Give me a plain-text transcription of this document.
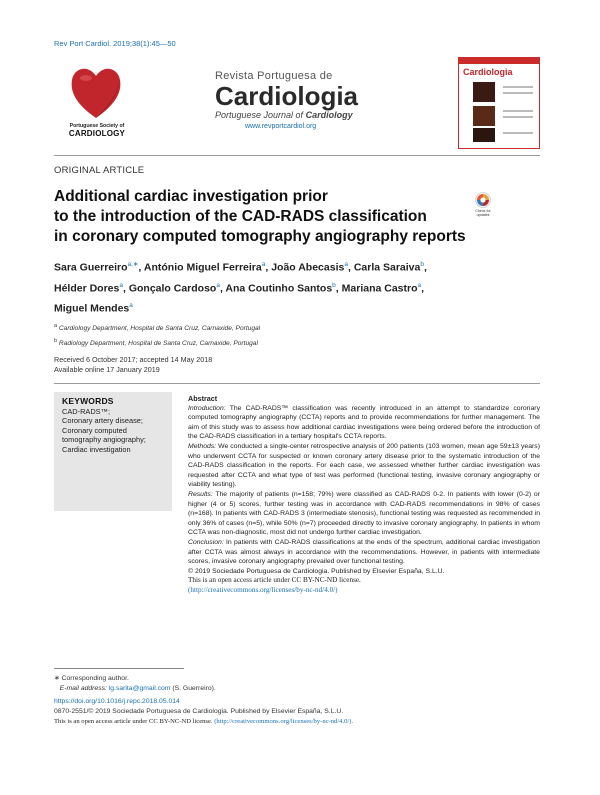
Rev Port Cardiol. 2019;38(1):45—50
Portuguese Society of
CARDIOLOGY
Revista Portuguesa de
Cardiologia
Portuguese Journal of Cardiology
www.revportcardiol.org
Cardiologia
ORIGINAL ARTICLE
Additional cardiac investigation prior
to the introduction of the CAD-RADS classification
in coronary computed tomography angiography reports
Check for
updates
Sara Guerreiro$^{a,∗}$, António Miguel Ferreira$^a$, João Abecasis$^a$, Carla Saraiva$^b$,
Hélder Dores$^a$, Gonçalo Cardoso$^a$, Ana Coutinho Santos$^b$, Mariana Castro$^a$,
Miguel Mendes$^a$
$^a$ Cardiology Department, Hospital de Santa Cruz, Carnaxide, Portugal
$^b$ Radiology Department, Hospital de Santa Cruz, Carnaxide, Portugal
Received 6 October 2017; accepted 14 May 2018
Available online 17 January 2019
KEYWORDS
CAD-RADS™;
Coronary artery disease;
Coronary computed tomography angiography;
Cardiac investigation
Abstract
Introduction: The CAD-RADS™ classification was recently introduced in an attempt to standardize coronary computed tomography angiography (CCTA) reports and to provide recommendations for further management. The aim of this study was to assess how additional cardiac investigations were being ordered before the introduction of the CAD-RADS classification in a tertiary hospital's CCTA reports.
Methods: We conducted a single-center retrospective analysis of 200 patients (103 women, mean age 59±13 years) who underwent CCTA for suspected or known coronary artery disease prior to the systematic introduction of the CAD-RADS classification in the reports. For each case, we assessed whether further cardiac investigation was requested after CCTA and what type of test was performed (functional testing, invasive coronary angiography or viability testing).
Results: The majority of patients (n=158; 79%) were classified as CAD-RADS 0-2. In patients with lower (0-2) or higher (4 or 5) scores, further testing was in accordance with CAD-RADS recommendations in 98% of cases (n=168). In patients with CAD-RADS 3 (intermediate stenosis), functional testing was requested as recommended in only 36% of cases (n=5), while 50% (n=7) proceeded directly to invasive coronary angiography. In patients in whom CCTA was non-diagnostic, most did not undergo further cardiac investigation.
Conclusion: In patients with CAD-RADS classifications at the ends of the spectrum, additional cardiac investigation after CCTA was almost always in accordance with the recommendations. However, in patients with intermediate scores, invasive coronary angiography prevailed over functional testing.
© 2019 Sociedade Portuguesa de Cardiologia. Published by Elsevier España, S.L.U.
This is an open access article under CC BY-NC-ND license.
(http://creativecommons.org/licenses/by-nc-nd/4.0/)
∗ Corresponding author.
E-mail address: lg.sarita@gmail.com (S. Guerreiro).
https://doi.org/10.1016/j.repc.2018.05.014
0870-2551/© 2019 Sociedade Portuguesa de Cardiologia. Published by Elsevier España, S.L.U.
This is an open access article under CC BY-NC-ND license. (http://creativecommons.org/licenses/by-nc-nd/4.0/).
